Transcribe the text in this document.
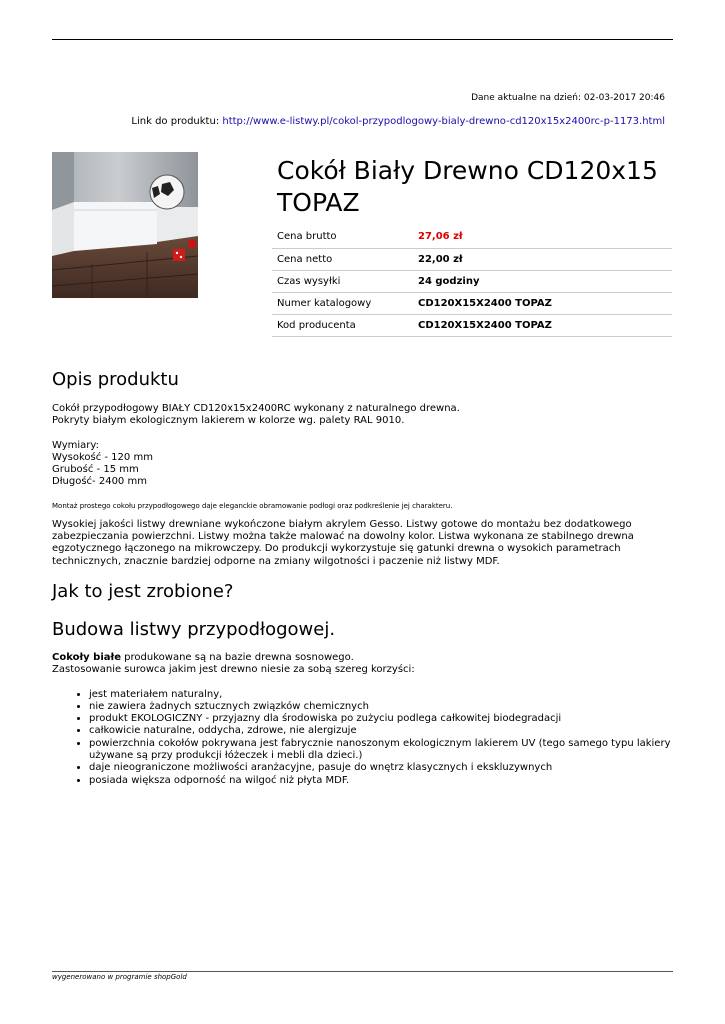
Dane aktualne na dzień: 02-03-2017 20:46
Link do produktu: http://www.e-listwy.pl/cokol-przypodlogowy-bialy-drewno-cd120x15x2400rc-p-1173.html
Cokół Biały Drewno CD120x15 TOPAZ
Cena brutto	27,06 zł
Cena netto	22,00 zł
Czas wysyłki	24 godziny
Numer katalogowy	CD120X15X2400 TOPAZ
Kod producenta	CD120X15X2400 TOPAZ
Opis produktu

Cokół przypodłogowy BIAŁY CD120x15x2400RC wykonany z naturalnego drewna.

Pokryty białym ekologicznym lakierem w kolorze wg. palety RAL 9010.

Wymiary:

Wysokość - 120 mm

Grubość - 15 mm

Długość- 2400 mm

Montaż prostego cokołu przypodłogowego daje eleganckie obramowanie podłogi oraz podkreślenie jej charakteru.

Wysokiej jakości listwy drewniane wykończone białym akrylem Gesso. Listwy gotowe do montażu bez dodatkowego zabezpieczania powierzchni. Listwy można także malować na dowolny kolor. Listwa wykonana ze stabilnego drewna egzotycznego łączonego na mikrowczepy. Do produkcji wykorzystuje się gatunki drewna o wysokich parametrach technicznych, znacznie bardziej odporne na zmiany wilgotności i paczenie niż listwy MDF.

Jak to jest zrobione?
Budowa listwy przypodłogowej.

Cokoły białe produkowane są na bazie drewna sosnowego.

Zastosowanie surowca jakim jest drewno niesie za sobą szereg korzyści:

• jest materiałem naturalny,
• nie zawiera żadnych sztucznych związków chemicznych
• produkt EKOLOGICZNY - przyjazny dla środowiska po zużyciu podlega całkowitej biodegradacji
• całkowicie naturalne, oddycha, zdrowe, nie alergizuje
• powierzchnia cokołów pokrywana jest fabrycznie nanoszonym ekologicznym lakierem UV (tego samego typu lakiery używane są przy produkcji łóżeczek i mebli dla dzieci.)
• daje nieograniczone możliwości aranżacyjne, pasuje do wnętrz klasycznych i ekskluzywnych
• posiada większa odporność na wilgoć niż płyta MDF.
wygenerowano w programie shopGold
